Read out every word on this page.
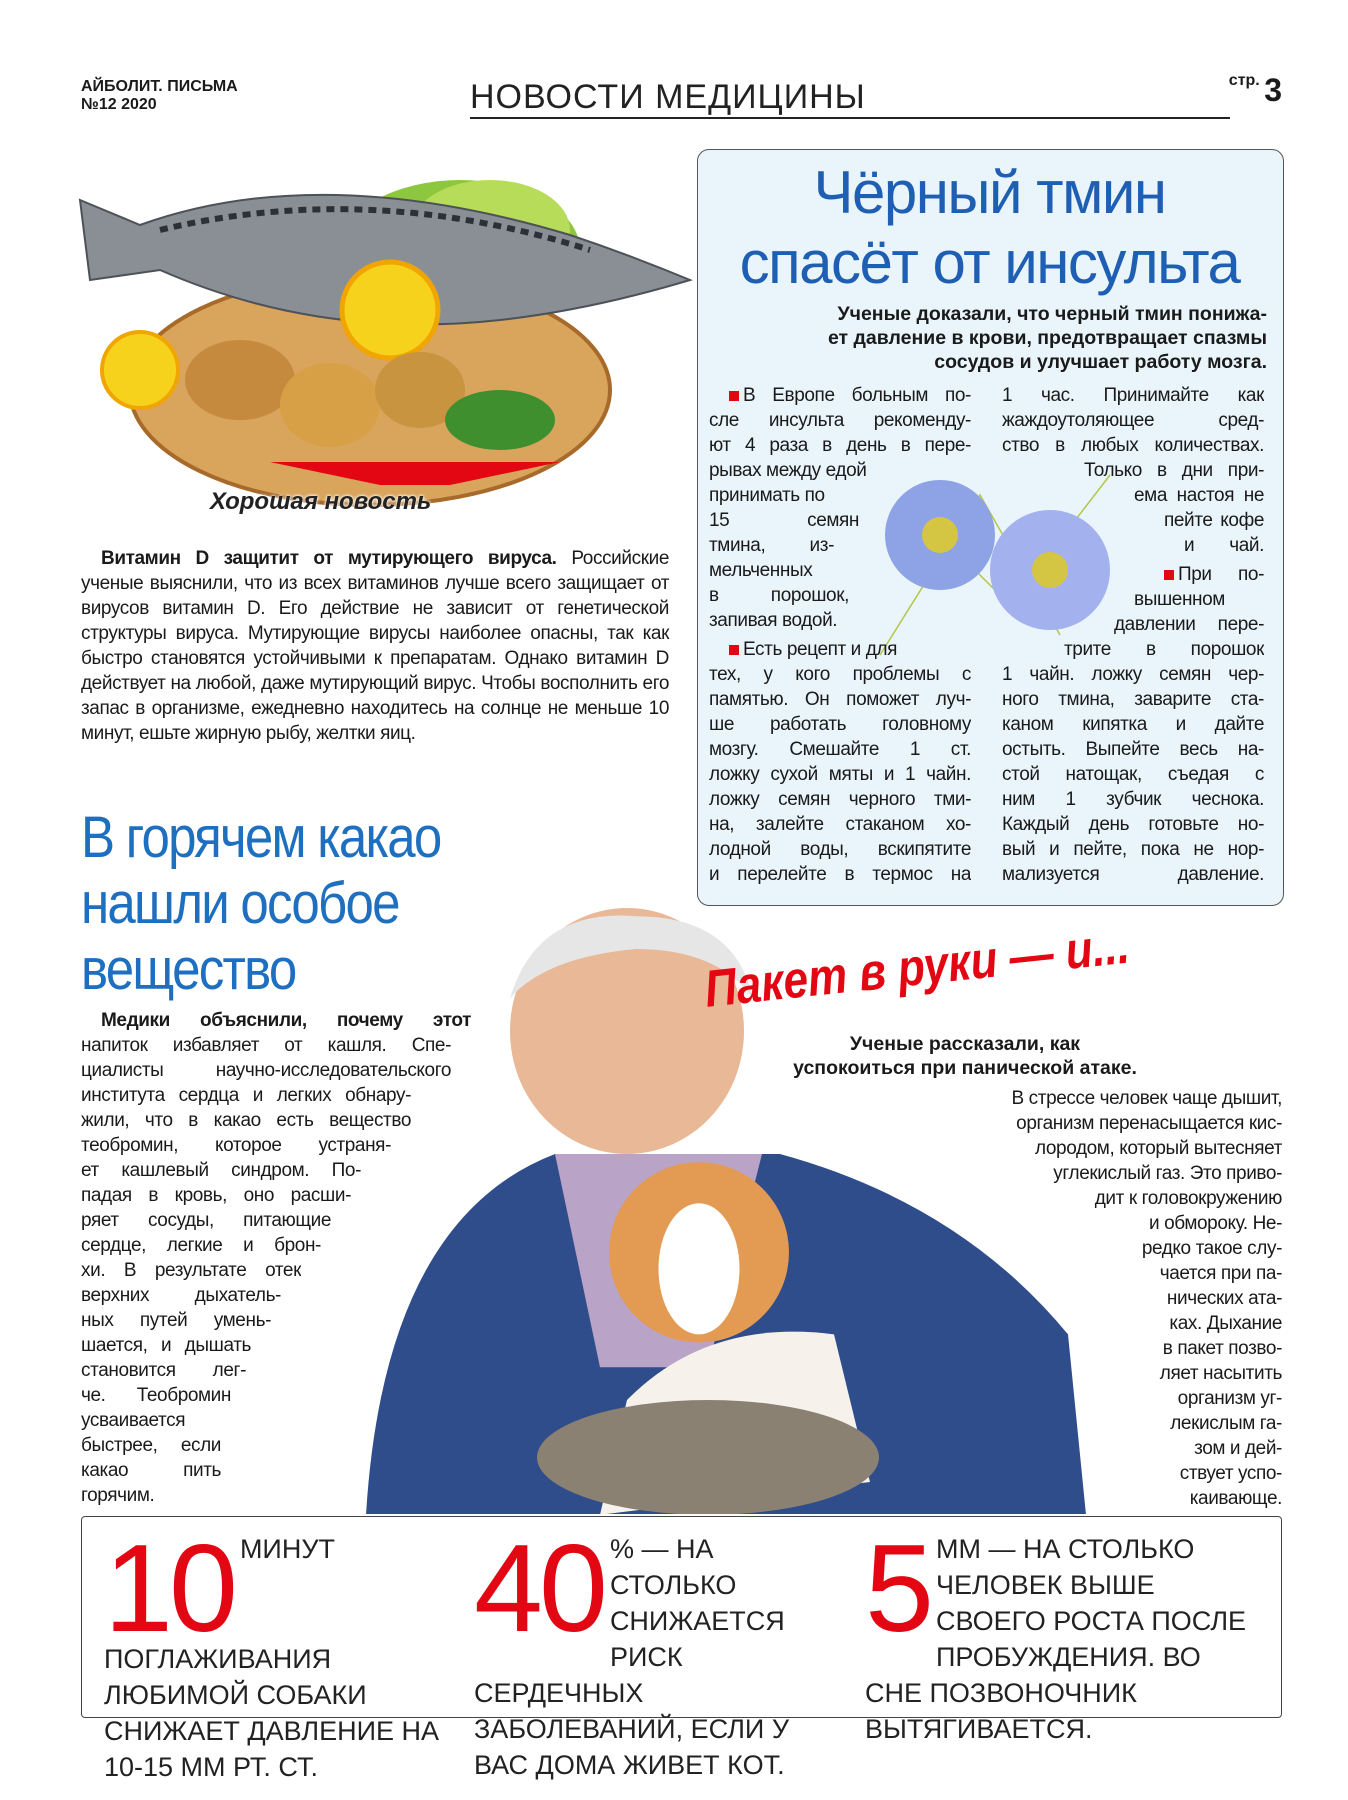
АЙБОЛИТ. ПИСЬМА
№12 2020	НОВОСТИ МЕДИЦИНЫ	стр. 3
Хорошая новость
Витамин D защитит от мутирующего вируса. Российские ученые выяснили, что из всех витаминов лучше всего защищает от вирусов витамин D. Его действие не зависит от генетической структуры вируса. Мутирующие вирусы наиболее опасны, так как быстро становятся устойчивыми к препаратам. Однако витамин D действует на любой, даже мутирующий вирус. Чтобы восполнить его запас в организме, ежедневно находитесь на солнце не меньше 10 минут, ешьте жирную рыбу, желтки яиц.
Чёрный тмин
спасёт от инсульта
Ученые доказали, что черный тмин понижа-
ет давление в крови, предотвращает спазмы
сосудов и улучшает работу мозга.
В Европе больным по-
сле инсульта рекоменду-
ют 4 раза в день в пере-
рывах между едой
принимать по
15 семян
тмина, из-
мельченных
в порошок,
запивая водой.
Есть рецепт и для
тех, у кого проблемы с
памятью. Он поможет луч-
ше работать головному
мозгу. Смешайте 1 ст.
ложку сухой мяты и 1 чайн.
ложку семян черного тми-
на, залейте стаканом хо-
лодной воды, вскипятите
и перелейте в термос на
1 час. Принимайте как
жаждоутоляющее сред-
ство в любых количествах.
Только в дни при-
ема настоя не
пейте кофе
и чай.
При по-
вышенном
давлении пере-
трите в порошок
1 чайн. ложку семян чер-
ного тмина, заварите ста-
каном кипятка и дайте
остыть. Выпейте весь на-
стой натощак, съедая с
ним 1 зубчик чеснока.
Каждый день готовьте но-
вый и пейте, пока не нор-
мализуется давление.
В горячем какао
нашли особое
вещество
Медики объяснили, почему этот
напиток избавляет от кашля. Спе-
циалисты научно-исследовательского
института сердца и легких обнару-
жили, что в какао есть вещество
теобромин, которое устраня-
ет кашлевый синдром. По-
падая в кровь, оно расши-
ряет сосуды, питающие
сердце, легкие и брон-
хи. В результате отек
верхних дыхатель-
ных путей умень-
шается, и дышать
становится лег-
че. Теобромин
усваивается
быстрее, если
какао пить
горячим.
Пакет в руки — и...
Ученые рассказали, как
успокоиться при панической атаке.
В стрессе человек чаще дышит,
организм перенасыщается кис-
лородом, который вытесняет
углекислый газ. Это приво-
дит к головокружению
и обмороку. Не-
редко такое слу-
чается при па-
нических ата-
ках. Дыхание
в пакет позво-
ляет насытить
организм уг-
лекислым га-
зом и дей-
ствует успо-
каивающе.
10 МИНУТ ПОГЛАЖИВАНИЯ ЛЮБИМОЙ СОБАКИ СНИЖАЕТ ДАВЛЕНИЕ НА 10-15 ММ РТ. СТ.
40 % — НА СТОЛЬКО СНИЖАЕТСЯ РИСК СЕРДЕЧНЫХ ЗАБОЛЕВАНИЙ, ЕСЛИ У ВАС ДОМА ЖИВЕТ КОТ.
5 ММ — НА СТОЛЬКО ЧЕЛОВЕК ВЫШЕ СВОЕГО РОСТА ПОСЛЕ ПРОБУЖДЕНИЯ. ВО СНЕ ПОЗВОНОЧНИК ВЫТЯГИВАЕТСЯ.
